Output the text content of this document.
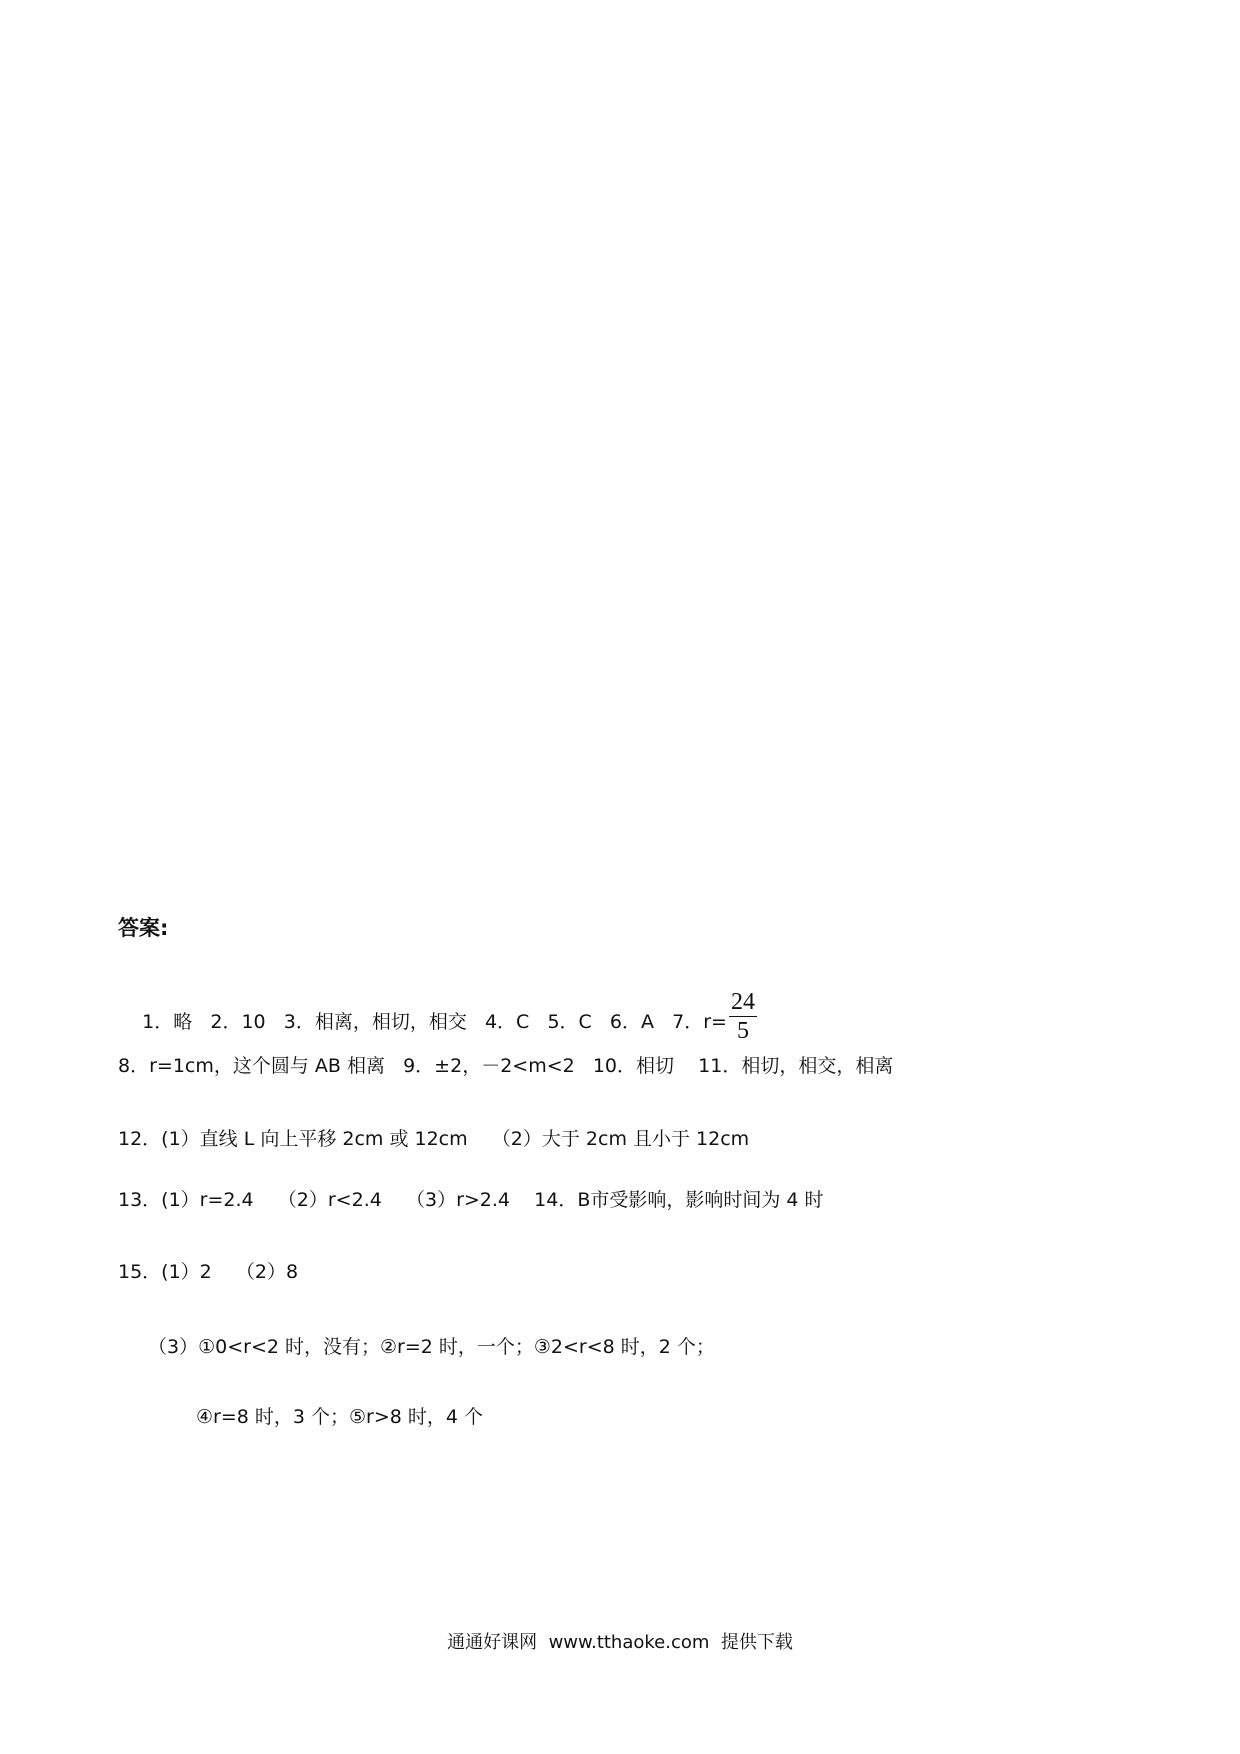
答案:

1．略   2．10   3．相离，相切，相交   4．C   5．C   6．A   7．$r= \frac{24}{5}$

8．r=1cm，这个圆与 AB 相离   9．±2，－2<m<2   10．相切    11．相切，相交，相离
12．(1）直线 L 向上平移 2cm 或 12cm    （2）大于 2cm 且小于 12cm
13．(1）r=2.4    （2）r<2.4    （3）r>2.4    14．B市受影响，影响时间为 4 时
15．(1）2    （2）8
（3）①0<r<2 时，没有；②r=2 时，一个；③2<r<8 时，2 个；
④r=8 时，3 个；⑤r>8 时，4 个
通通好课网  www.tthaoke.com  提供下载
